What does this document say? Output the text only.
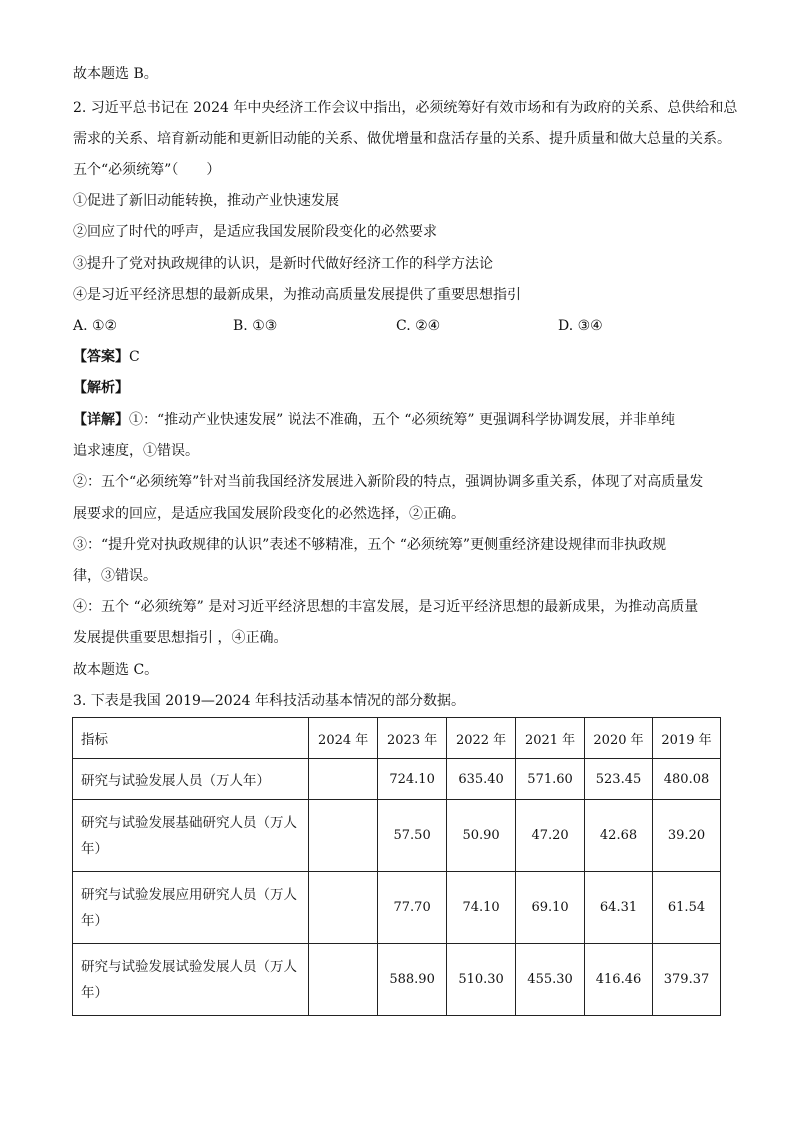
故本题选 B。
2. 习近平总书记在 2024 年中央经济工作会议中指出，必须统筹好有效市场和有为政府的关系、总供给和总
需求的关系、培育新动能和更新旧动能的关系、做优增量和盘活存量的关系、提升质量和做大总量的关系。
五个“必须统筹”（　　）
①促进了新旧动能转换，推动产业快速发展
②回应了时代的呼声，是适应我国发展阶段变化的必然要求
③提升了党对执政规律的认识，是新时代做好经济工作的科学方法论
④是习近平经济思想的最新成果，为推动高质量发展提供了重要思想指引
A. ①②	B. ①③	C. ②④	D. ③④
【答案】C
【解析】
【详解】①：“推动产业快速发展” 说法不准确，五个 “必须统筹” 更强调科学协调发展，并非单纯
追求速度，①错误。
②：五个“必须统筹”针对当前我国经济发展进入新阶段的特点，强调协调多重关系，体现了对高质量发
展要求的回应，是适应我国发展阶段变化的必然选择，②正确。
③：“提升党对执政规律的认识”表述不够精准，五个 “必须统筹”更侧重经济建设规律而非执政规
律，③错误。
④：五个 “必须统筹” 是对习近平经济思想的丰富发展，是习近平经济思想的最新成果，为推动高质量
发展提供重要思想指引 ，④正确。
故本题选 C。
3. 下表是我国 2019—2024 年科技活动基本情况的部分数据。
指标	2024 年	2023 年	2022 年	2021 年	2020 年	2019 年
研究与试验发展人员（万人年）		724.10	635.40	571.60	523.45	480.08
研究与试验发展基础研究人员（万人年）		57.50	50.90	47.20	42.68	39.20
研究与试验发展应用研究人员（万人年）		77.70	74.10	69.10	64.31	61.54
研究与试验发展试验发展人员（万人年）		588.90	510.30	455.30	416.46	379.37
